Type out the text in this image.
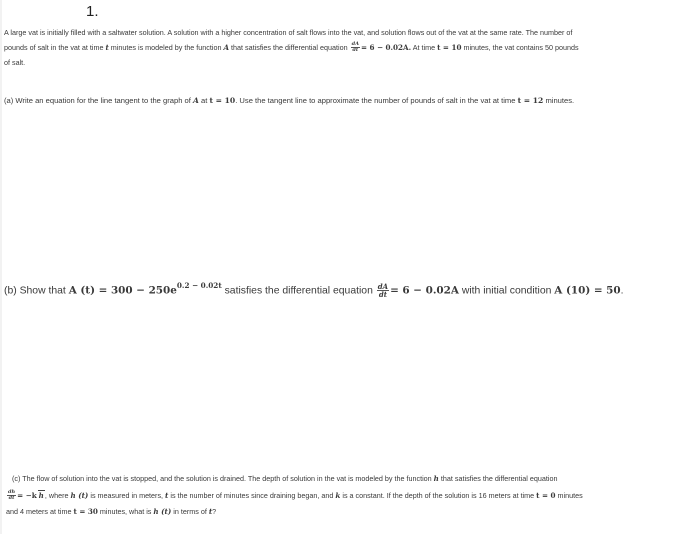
1.
A large vat is initially filled with a saltwater solution. A solution with a higher concentration of salt flows into the vat, and solution flows out of the vat at the same rate. The number of
pounds of salt in the vat at time t minutes is modeled by the function A that satisfies the differential equation $\frac{dA}{dt} = 6 - 0.02A$. At time t = 10 minutes, the vat contains 50 pounds
of salt.
(a) Write an equation for the line tangent to the graph of A at t = 10. Use the tangent line to approximate the number of pounds of salt in the vat at time t = 12 minutes.
(b) Show that A $(t) = 300 - 250e^{0.2 - 0.02t}$ satisfies the differential equation $\frac{dA}{dt} = 6 - 0.02A$ with initial condition A (10) = 50.
(c) The flow of solution into the vat is stopped, and the solution is drained. The depth of solution in the vat is modeled by the function h that satisfies the differential equation
$\frac{dh}{dt} = -k$ h, where h (t) is measured in meters, t is the number of minutes since draining began, and k is a constant. If the depth of the solution is 16 meters at time t = 0 minutes
and 4 meters at time t = 30 minutes, what is h (t) in terms of t?
